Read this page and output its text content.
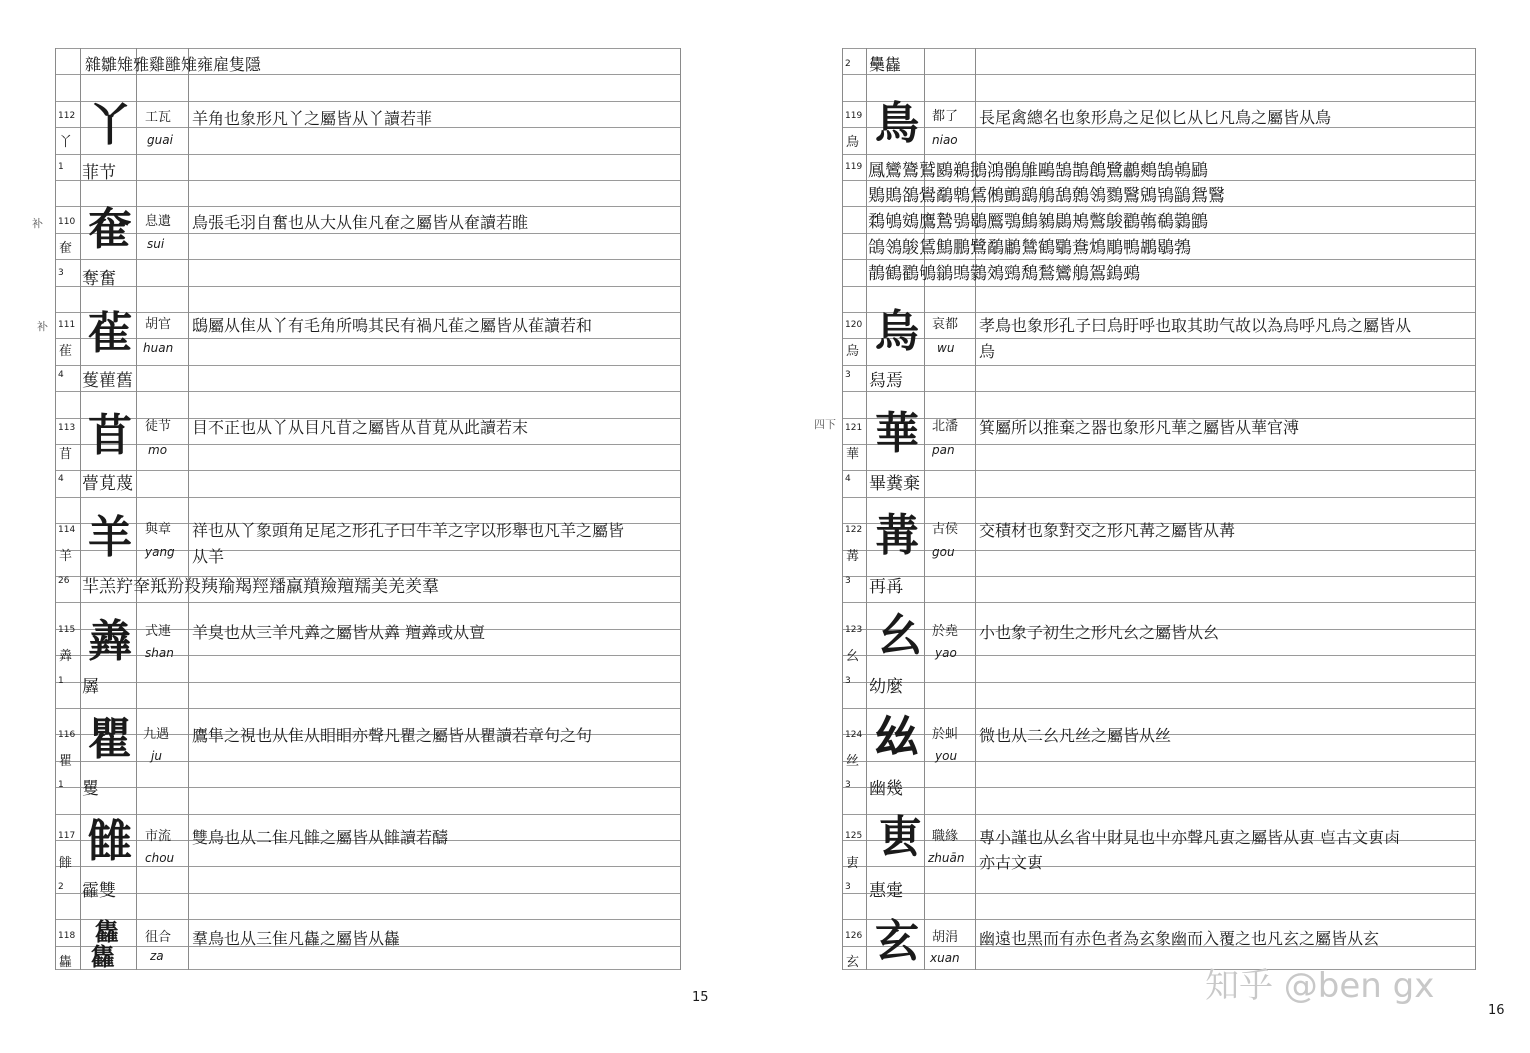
雜雛雉雅雞雝雉雍雇隻隱
112
丫
1
丫 工瓦
guai
羊角也象形凡丫之屬皆从丫讀若菲
菲节
110
奞
3
奞 息遺
sui
鳥張毛羽自奮也从大从隹凡奞之屬皆从奞讀若睢
奪奮
111
雈
4
雈 胡官
huan
鴟屬从隹从丫有毛角所鳴其民有禍凡雈之屬皆从雈讀若和
蒦雚舊
113
苜
4
苜 徒节
mo
目不正也从丫从目凡苜之屬皆从苜莧从此讀若末
瞢莧蔑
114
羊
26
羊 與章
yang
祥也从丫象頭角足尾之形孔子曰牛羊之字以形舉也凡羊之屬皆
从羊
羋羔羜羍羝羒羖羠羭羯羥羳羸羵羷羶羺美羌羑羣
115
羴
1
羴 式連
shan
羊臭也从三羊凡羴之屬皆从羴 羶羴或从亶
羼
116
瞿
1
瞿 九遇
ju
鷹隼之視也从隹从䀠䀠亦聲凡瞿之屬皆从瞿讀若章句之句
矍
117
雔
2
雔 市流
chou
雙鳥也从二隹凡雔之屬皆从雔讀若醻
靃雙
118
雥
雥
雥
徂合
za
羣鳥也从三隹凡雥之屬皆从雥
补
补
15
2 雧雥
119
鳥
119
鳥 都了
niao
長尾禽總名也象形鳥之足似匕从匕凡鳥之屬皆从鳥
鳳鸞鷟鷲鶠鵜鵝鴻鶻鵻鷗鵠鵲鶬鷺鷫鷞鵠鵫鶌
鶪鵙鵅鷽鷸鵯鵀鵂鸇鷂鵃鴰鷯鴒鷚鷖鶂鴇鶅鴛鷖
鶔鴝鴳鷹鷙鴞鶡鷢鶚鷦鶨鷐鴂鷩鵔鸐鶾鵗鸏鶹
鴿鴒鵔鵀鷦鵬鷺鷸鷛鷥鶴鸀鴦鴆鵰鴨鶘鶡鵓
鶄鶴鸐鴝鶲鴠鸏鵁鵛鵚鶖鸞鵃鴐鵭鵐
120
烏
3
烏 哀都
wu
孝鳥也象形孔子曰烏盱呼也取其助气故以為烏呼凡烏之屬皆从
烏
舄焉
121
華
4
華 北潘
pan
箕屬所以推棄之器也象形凡華之屬皆从華官溥
畢糞棄
122
冓
3
冓 古侯
gou
交積材也象對交之形凡冓之屬皆从冓
再爯
123
幺
3
幺 於堯
yao
小也象子初生之形凡幺之屬皆从幺
幼麼
124
丝
3
𢆶 於虯
you
微也从二幺凡丝之屬皆从丝
幽幾
125
叀
3
叀 職緣
zhuān
專小謹也从幺省屮財見也屮亦聲凡叀之屬皆从叀 𠧢古文叀𠧪
亦古文叀
惠疐
126
玄 玄 胡涓
xuan
幽遠也黑而有赤色者為玄象幽而入覆之也凡玄之屬皆从玄
四下
16
知乎 @ben gx
